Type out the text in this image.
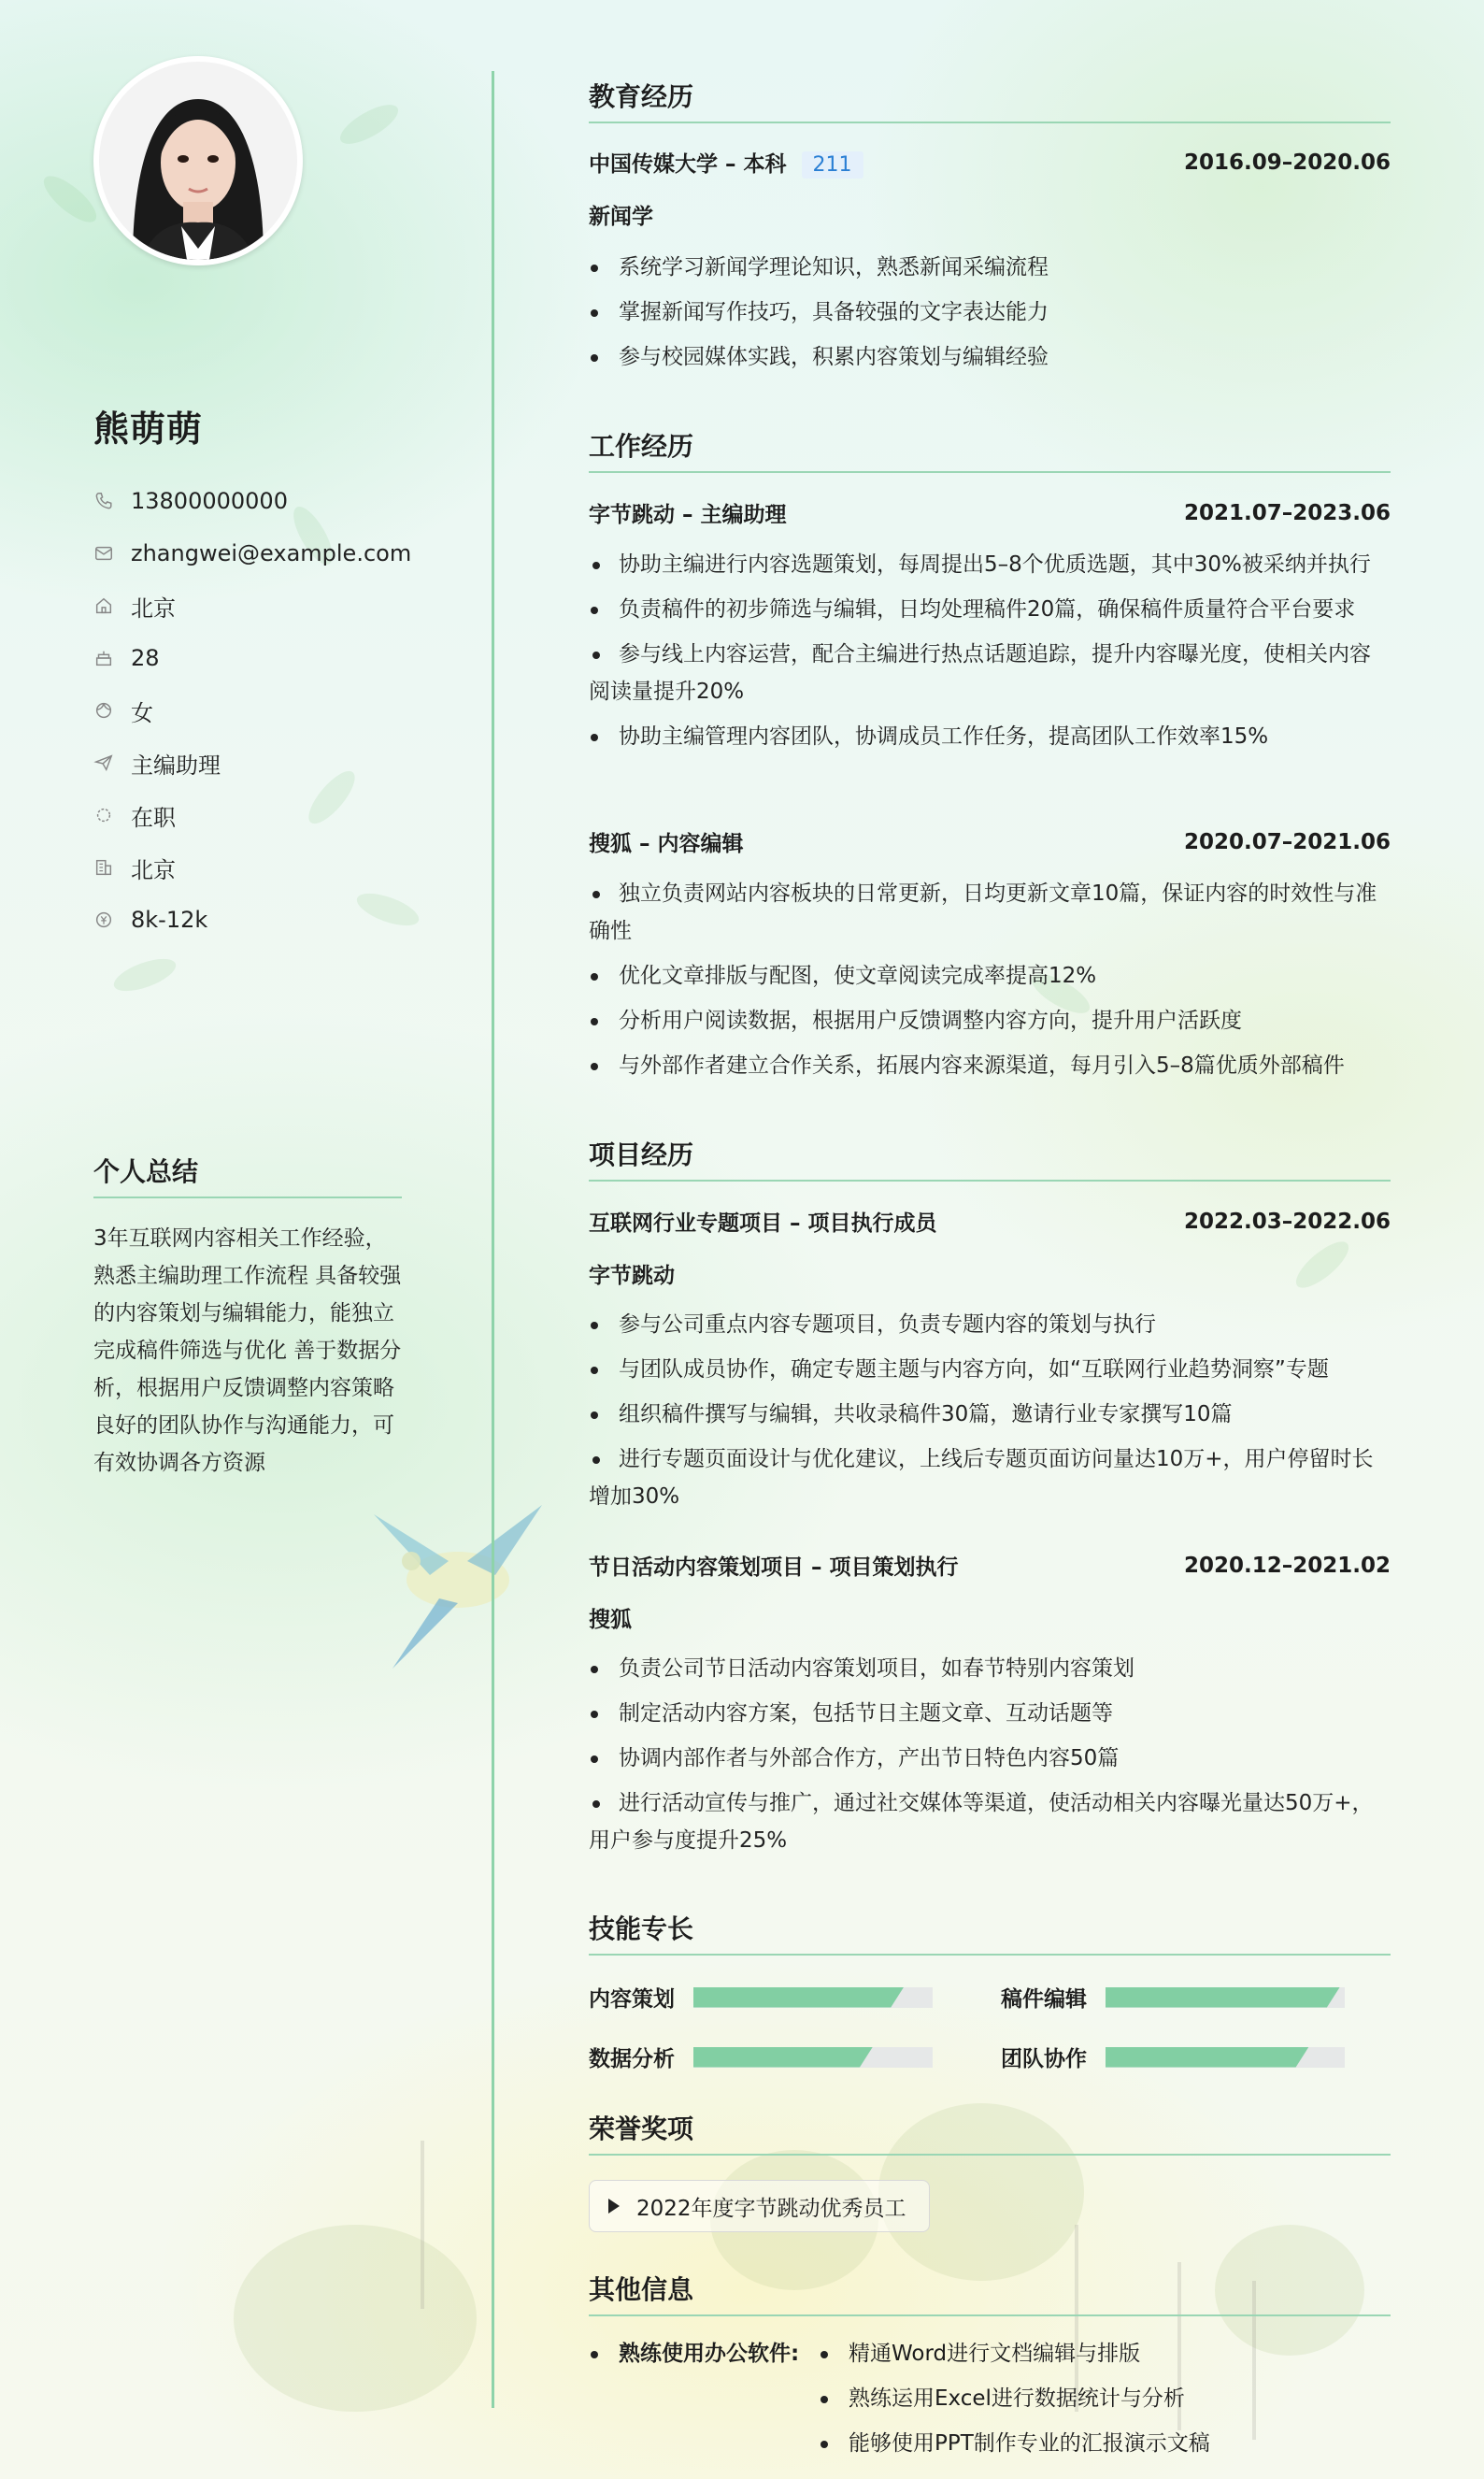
熊萌萌
13800000000
zhangwei@example.com
北京
28
女
主编助理
在职
北京
8k-12k
个人总结
3年互联网内容相关工作经验，熟悉主编助理工作流程 具备较强的内容策划与编辑能力，能独立完成稿件筛选与优化 善于数据分析，根据用户反馈调整内容策略 良好的团队协作与沟通能力，可有效协调各方资源
教育经历
中国传媒大学 – 本科 211	2016.09–2020.06
新闻学
系统学习新闻学理论知识，熟悉新闻采编流程
掌握新闻写作技巧，具备较强的文字表达能力
参与校园媒体实践，积累内容策划与编辑经验
工作经历
字节跳动 – 主编助理	2021.07–2023.06
协助主编进行内容选题策划，每周提出5–8个优质选题，其中30%被采纳并执行
负责稿件的初步筛选与编辑，日均处理稿件20篇，确保稿件质量符合平台要求
参与线上内容运营，配合主编进行热点话题追踪，提升内容曝光度，使相关内容阅读量提升20%
协助主编管理内容团队，协调成员工作任务，提高团队工作效率15%
搜狐 – 内容编辑	2020.07–2021.06
独立负责网站内容板块的日常更新，日均更新文章10篇，保证内容的时效性与准确性
优化文章排版与配图，使文章阅读完成率提高12%
分析用户阅读数据，根据用户反馈调整内容方向，提升用户活跃度
与外部作者建立合作关系，拓展内容来源渠道，每月引入5–8篇优质外部稿件
项目经历
互联网行业专题项目 – 项目执行成员	2022.03–2022.06
字节跳动
参与公司重点内容专题项目，负责专题内容的策划与执行
与团队成员协作，确定专题主题与内容方向，如“互联网行业趋势洞察”专题
组织稿件撰写与编辑，共收录稿件30篇，邀请行业专家撰写10篇
进行专题页面设计与优化建议，上线后专题页面访问量达10万+，用户停留时长增加30%
节日活动内容策划项目 – 项目策划执行	2020.12–2021.02
搜狐
负责公司节日活动内容策划项目，如春节特别内容策划
制定活动内容方案，包括节日主题文章、互动话题等
协调内部作者与外部合作方，产出节日特色内容50篇
进行活动宣传与推广，通过社交媒体等渠道，使活动相关内容曝光量达50万+，用户参与度提升25%
技能专长
内容策划	稿件编辑
数据分析	团队协作
荣誉奖项
2022年度字节跳动优秀员工
其他信息
熟练使用办公软件:	精通Word进行文档编辑与排版
熟练运用Excel进行数据统计与分析
能够使用PPT制作专业的汇报演示文稿
